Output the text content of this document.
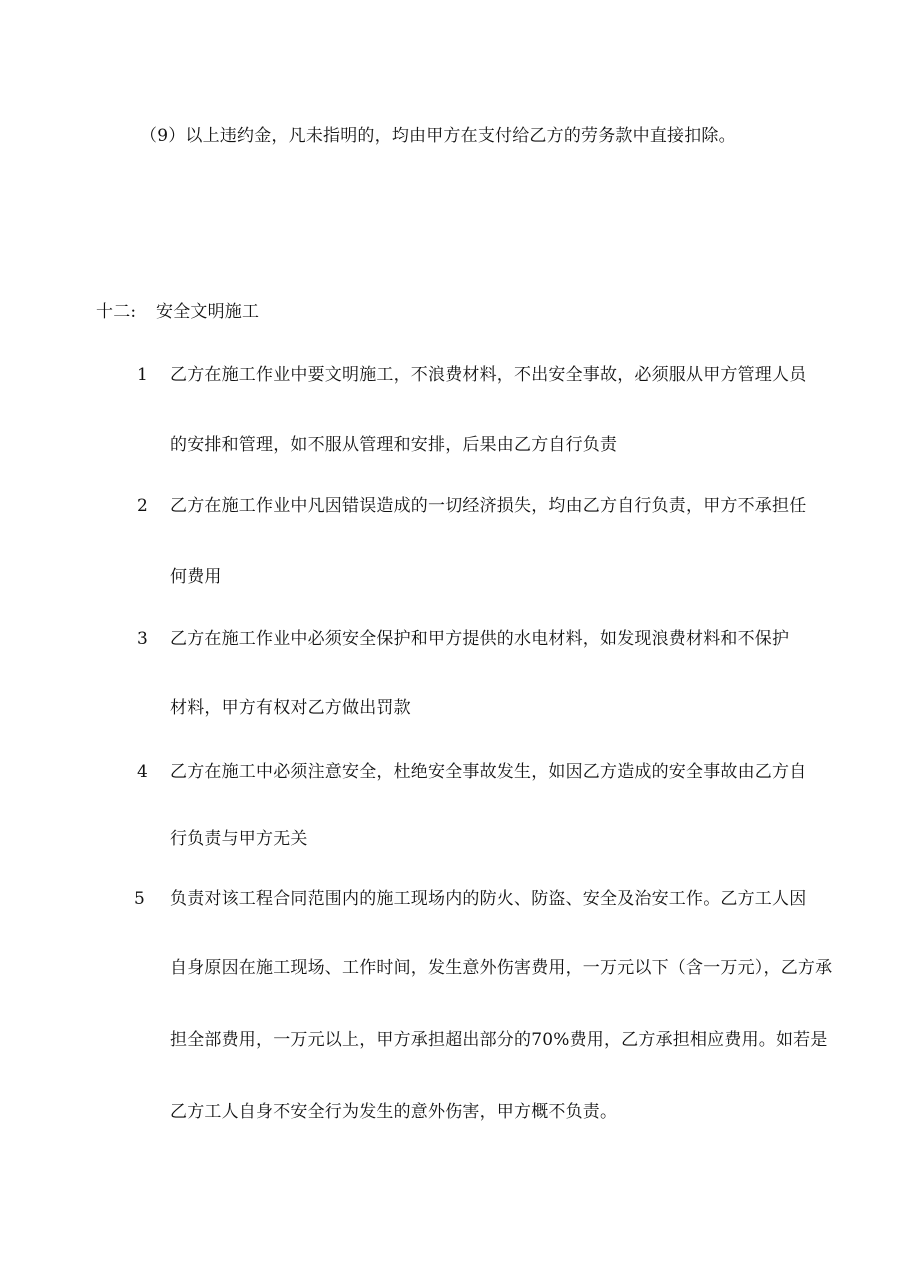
（9）以上违约金，凡未指明的，均由甲方在支付给乙方的劳务款中直接扣除。

十二: 安全文明施工

1 乙方在施工作业中要文明施工，不浪费材料，不出安全事故，必须服从甲方管理人员

的安排和管理，如不服从管理和安排，后果由乙方自行负责

2 乙方在施工作业中凡因错误造成的一切经济损失，均由乙方自行负责，甲方不承担任

何费用

3 乙方在施工作业中必须安全保护和甲方提供的水电材料，如发现浪费材料和不保护

材料，甲方有权对乙方做出罚款

4 乙方在施工中必须注意安全，杜绝安全事故发生，如因乙方造成的安全事故由乙方自

行负责与甲方无关

5 负责对该工程合同范围内的施工现场内的防火、防盗、安全及治安工作。乙方工人因

自身原因在施工现场、工作时间，发生意外伤害费用，一万元以下（含一万元），乙方承

担全部费用，一万元以上，甲方承担超出部分的70%费用，乙方承担相应费用。如若是

乙方工人自身不安全行为发生的意外伤害，甲方概不负责。
